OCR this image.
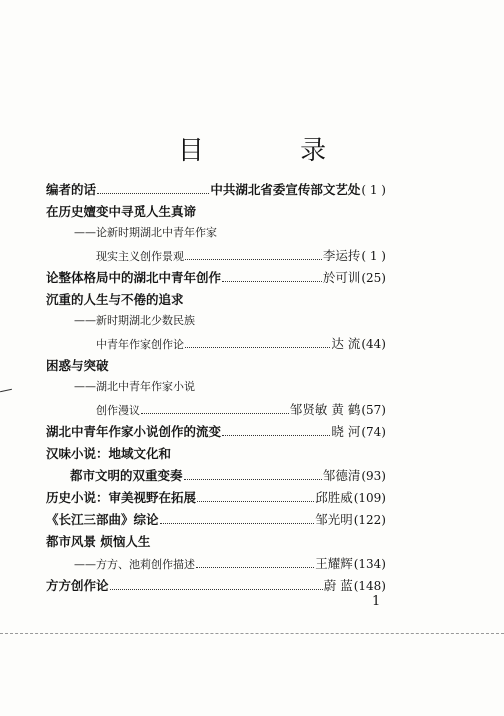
目 录
编者的话	中共湖北省委宣传部文艺处 ( 1 )
在历史嬗变中寻觅人生真谛
——论新时期湖北中青年作家
现实主义创作景观	李运抟 ( 1 )
论整体格局中的湖北中青年创作	於可训 (25)
沉重的人生与不倦的追求
——新时期湖北少数民族
中青年作家创作论	达 流 (44)
困惑与突破
——湖北中青年作家小说
创作漫议	邹贤敏 黄 鹤 (57)
湖北中青年作家小说创作的流变	晓 河 (74)
汉味小说：地域文化和
都市文明的双重变奏	邹德清 (93)
历史小说：审美视野在拓展	邱胜威 (109)
《长江三部曲》综论	邹光明 (122)
都市风景 烦恼人生
——方方、池莉创作描述	王耀辉 (134)
方方创作论	蔚 蓝 (148)
1
